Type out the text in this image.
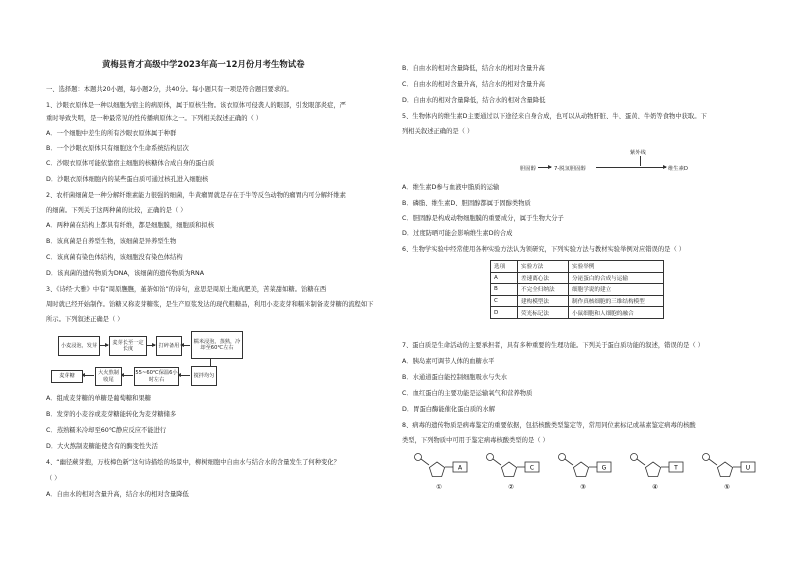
黄梅县育才高级中学2023年高一12月份月考生物试卷
一、选择题：本题共20小题，每小题2分，共40分。每小题只有一项是符合题目要求的。
1、沙眼衣原体是一种以细胞为宿主的病原体，属于原核生物。该衣原体可侵袭人的眼部，引发眼部炎症，严
重时导致失明，是一种最常见的性传播病原体之一。下列相关叙述正确的（ ）
A．一个细胞中差生的所有沙眼衣原体属于种群
B．一个沙眼衣原体只有细胞这个生命系统结构层次
C．沙眼衣原体可能依靠宿主细胞的核糖体合成自身的蛋白质
D．沙眼衣原体细胞内的某些蛋白质可通过核孔进入细胞核
2、农杆菌细菌是一种分解纤维素能力很强的细菌，牛黄瘤胃就是存在于牛等反刍动物的瘤胃内可分解纤维素
的细菌。下列关于这两种菌的比较，正确的是（ ）
A．两种菌在结构上都具有纤维，都是细胞膜，细胞质和拟核
B．该真菌是自养型生物，该细菌是异养型生物
C．该真菌有染色体结构，该细胞没有染色体结构
D．该真菌的遗传物质为DNA，该细菌的遗传物质为RNA
3、《诗经·大雅》中有“周原膴膴，堇荼如饴”的诗句，意思是周原土地真肥美，苦菜甜如糖。饴糖在西
周时就已经开始制作。饴糖又称麦芽糖浆，是生产原浆发达的现代粗糖品，利用小麦麦芽和糯米制备麦芽糖的流程如下
所示。下列叙述正确是（ ）
小麦浸泡，发芽
麦芽长至一定长度
打碎备用
糯米浸泡，蒸熟，冷却至60℃左右
搅拌均匀
55~60℃保温6小时左右
大火熬制收尾
麦芽糖
A．组成麦芽糖的单糖是葡萄糖和果糖
B．发芽的小麦谷或麦芽糖能转化为麦芽糖储多
C．蒸熟糯米冷却至60℃静应反应不能进行
D．大火熬制麦糖能使含有的酶变性失活
4、“幽径蕨芽抱，万枝樟色新”这句诗描绘的场景中，柳树细胞中自由水与结合水的含量发生了何种变化？
（ ）
A．自由水的相对含量升高，结合水的相对含量降低
B．自由水的相对含量降低，结合水的相对含量升高
C．自由水的相对含量升高，结合水的相对含量升高
D．自由水的相对含量降低，结合水的相对含量降低
5、生物体内的维生素D主要通过以下途径来自身合成，也可以从动物肝脏、牛、蛋黄、牛奶等食物中获取。下
列相关叙述正确的是（ ）
紫外线
胆固醇	7-脱氢胆固醇	维生素D
A．维生素D参与血液中脂质的运输
B．磷脂、维生素D、胆固醇都属于固醇类物质
C．胆固醇是构成动物细胞膜的重要成分，属于生物大分子
D．过度防晒可能会影响维生素D的合成
6、生物学实验中经常使用各种实验方法认为领研究，下列实验方法与教材实验举例对应错误的是（ ）
选项	实验方法	实验举例
A	差速离心法	分泌蛋白的合成与运输
B	不完全归纳法	细胞学说的建立
C	建构模型法	制作真核细胞的三维结构模型
D	荧光标记法	小鼠细胞和人细胞的融合
7、蛋白质是生命活动的主要承担者，具有多种重要的生理功能。下列关于蛋白质功能的叙述，错误的是（ ）
A．胰岛素可调节人体的血糖水平
B．水通道蛋白能控制细胞吸水与失水
C．血红蛋白的主要功能是运输氧气和营养物质
D．胃蛋白酶能催化蛋白质的水解
8、病毒的遗传物质是病毒鉴定的重要依据，包括核酸类型鉴定等，常用同位素标记或基素鉴定病毒的核酸
类型，下列物质中可用于鉴定病毒核酸类型的是（ ）
A
①
C
②
G
③
T
④
U
⑤
